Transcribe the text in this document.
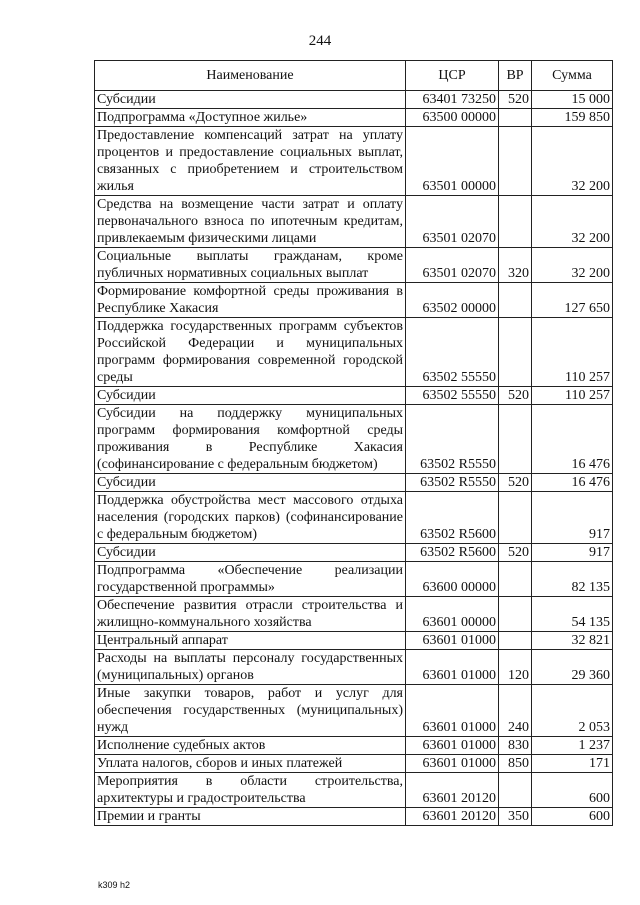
244
Наименование	ЦСР	ВР	Сумма
Субсидии	63401 73250	520	15 000
Подпрограмма «Доступное жилье»	63500 00000		159 850
Предоставление компенсаций затрат на уплату процентов и предоставление социальных выплат, связанных с приобретением и строительством жилья	63501 00000		32 200
Средства на возмещение части затрат и оплату первоначального взноса по ипотечным кредитам, привлекаемым физическими лицами	63501 02070		32 200
Социальные выплаты гражданам, кроме публичных нормативных социальных выплат	63501 02070	320	32 200
Формирование комфортной среды проживания в Республике Хакасия	63502 00000		127 650
Поддержка государственных программ субъектов Российской Федерации и муниципальных программ формирования современной городской среды	63502 55550		110 257
Субсидии	63502 55550	520	110 257
Субсидии на поддержку муниципальных программ формирования комфортной среды проживания в Республике Хакасия (софинансирование с федеральным бюджетом)	63502 R5550		16 476
Субсидии	63502 R5550	520	16 476
Поддержка обустройства мест массового отдыха населения (городских парков) (софинансирование с федеральным бюджетом)	63502 R5600		917
Субсидии	63502 R5600	520	917
Подпрограмма «Обеспечение реализации государственной программы»	63600 00000		82 135
Обеспечение развития отрасли строительства и жилищно-коммунального хозяйства	63601 00000		54 135
Центральный аппарат	63601 01000		32 821
Расходы на выплаты персоналу государственных (муниципальных) органов	63601 01000	120	29 360
Иные закупки товаров, работ и услуг для обеспечения государственных (муниципальных) нужд	63601 01000	240	2 053
Исполнение судебных актов	63601 01000	830	1 237
Уплата налогов, сборов и иных платежей	63601 01000	850	171
Мероприятия в области строительства, архитектуры и градостроительства	63601 20120		600
Премии и гранты	63601 20120	350	600
k309 h2
